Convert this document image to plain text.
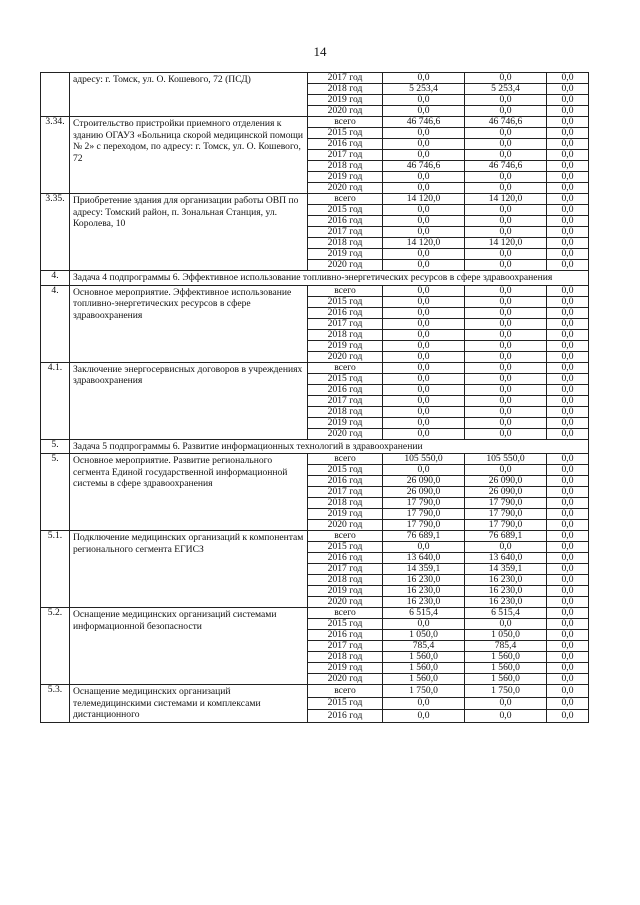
14
	адресу: г. Томск, ул. О. Кошевого, 72 (ПСД)	2017 год	0,0	0,0	0,0
		2018 год	5 253,4	5 253,4	0,0
		2019 год	0,0	0,0	0,0
		2020 год	0,0	0,0	0,0
3.34.	Строительство пристройки приемного отделения к зданию ОГАУЗ «Больница скорой медицинской помощи № 2» с переходом, по адресу: г. Томск, ул. О. Кошевого, 72	всего	46 746,6	46 746,6	0,0
		2015 год	0,0	0,0	0,0
		2016 год	0,0	0,0	0,0
		2017 год	0,0	0,0	0,0
		2018 год	46 746,6	46 746,6	0,0
		2019 год	0,0	0,0	0,0
		2020 год	0,0	0,0	0,0
3.35.	Приобретение здания для организации работы ОВП по адресу: Томский район, п. Зональная Станция, ул. Королева, 10	всего	14 120,0	14 120,0	0,0
		2015 год	0,0	0,0	0,0
		2016 год	0,0	0,0	0,0
		2017 год	0,0	0,0	0,0
		2018 год	14 120,0	14 120,0	0,0
		2019 год	0,0	0,0	0,0
		2020 год	0,0	0,0	0,0
4.	Задача 4 подпрограммы 6. Эффективное использование топливно-энергетических ресурсов в сфере здравоохранения				
4.	Основное мероприятие. Эффективное использование топливно-энергетических ресурсов в сфере здравоохранения	всего	0,0	0,0	0,0
		2015 год	0,0	0,0	0,0
		2016 год	0,0	0,0	0,0
		2017 год	0,0	0,0	0,0
		2018 год	0,0	0,0	0,0
		2019 год	0,0	0,0	0,0
		2020 год	0,0	0,0	0,0
4.1.	Заключение энергосервисных договоров в учреждениях здравоохранения	всего	0,0	0,0	0,0
		2015 год	0,0	0,0	0,0
		2016 год	0,0	0,0	0,0
		2017 год	0,0	0,0	0,0
		2018 год	0,0	0,0	0,0
		2019 год	0,0	0,0	0,0
		2020 год	0,0	0,0	0,0
5.	Задача 5 подпрограммы 6. Развитие информационных технологий в здравоохранении				
5.	Основное мероприятие. Развитие регионального сегмента Единой государственной информационной системы в сфере здравоохранения	всего	105 550,0	105 550,0	0,0
		2015 год	0,0	0,0	0,0
		2016 год	26 090,0	26 090,0	0,0
		2017 год	26 090,0	26 090,0	0,0
		2018 год	17 790,0	17 790,0	0,0
		2019 год	17 790,0	17 790,0	0,0
		2020 год	17 790,0	17 790,0	0,0
5.1.	Подключение медицинских организаций к компонентам регионального сегмента ЕГИСЗ	всего	76 689,1	76 689,1	0,0
		2015 год	0,0	0,0	0,0
		2016 год	13 640,0	13 640,0	0,0
		2017 год	14 359,1	14 359,1	0,0
		2018 год	16 230,0	16 230,0	0,0
		2019 год	16 230,0	16 230,0	0,0
		2020 год	16 230,0	16 230,0	0,0
5.2.	Оснащение медицинских организаций системами информационной безопасности	всего	6 515,4	6 515,4	0,0
		2015 год	0,0	0,0	0,0
		2016 год	1 050,0	1 050,0	0,0
		2017 год	785,4	785,4	0,0
		2018 год	1 560,0	1 560,0	0,0
		2019 год	1 560,0	1 560,0	0,0
		2020 год	1 560,0	1 560,0	0,0
5.3.	Оснащение медицинских организаций телемедицинскими системами и комплексами дистанционного	всего	1 750,0	1 750,0	0,0
		2015 год	0,0	0,0	0,0
		2016 год	0,0	0,0	0,0
